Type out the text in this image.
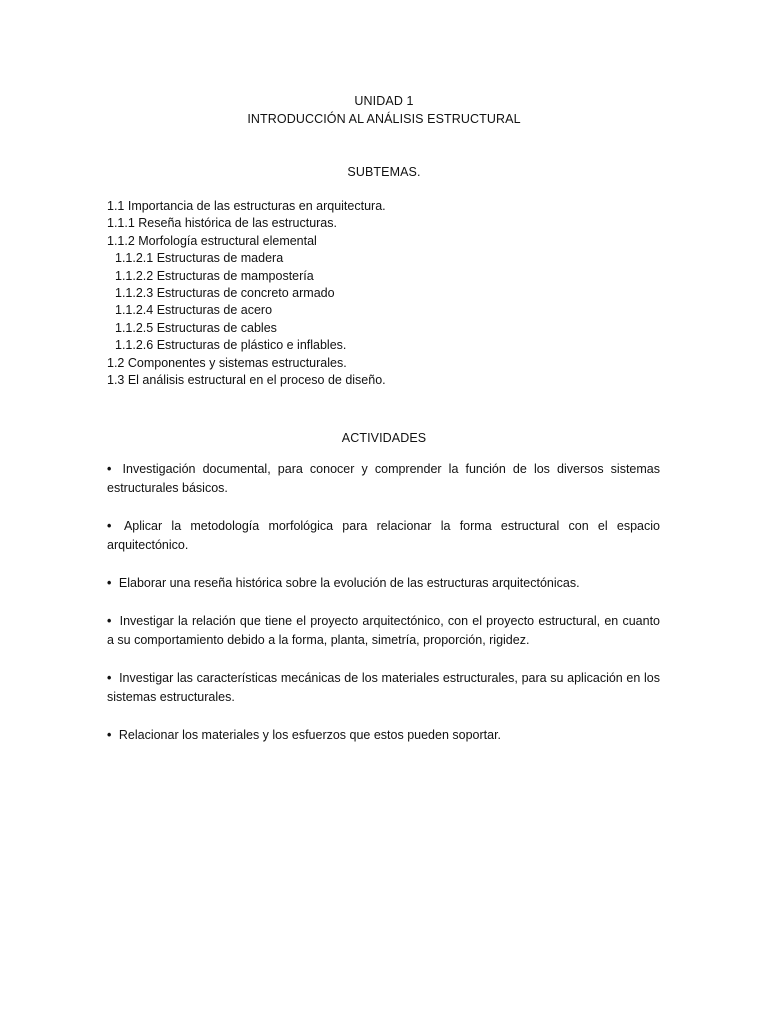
UNIDAD 1
INTRODUCCIÓN AL ANÁLISIS ESTRUCTURAL
SUBTEMAS.
1.1 Importancia de las estructuras en arquitectura.
1.1.1 Reseña histórica de las estructuras.
1.1.2 Morfología estructural elemental
1.1.2.1 Estructuras de madera
1.1.2.2 Estructuras de mampostería
1.1.2.3 Estructuras de concreto armado
1.1.2.4 Estructuras de acero
1.1.2.5 Estructuras de cables
1.1.2.6 Estructuras de plástico e inflables.
1.2 Componentes y sistemas estructurales.
1.3 El análisis estructural en el proceso de diseño.
ACTIVIDADES
• Investigación documental, para conocer y comprender la función de los diversos sistemas estructurales básicos.
• Aplicar la metodología morfológica para relacionar la forma estructural con el espacio arquitectónico.
• Elaborar una reseña histórica sobre la evolución de las estructuras arquitectónicas.
• Investigar la relación que tiene el proyecto arquitectónico, con el proyecto estructural, en cuanto a su comportamiento debido a la forma, planta, simetría, proporción, rigidez.
• Investigar las características mecánicas de los materiales estructurales, para su aplicación en los sistemas estructurales.
• Relacionar los materiales y los esfuerzos que estos pueden soportar.
